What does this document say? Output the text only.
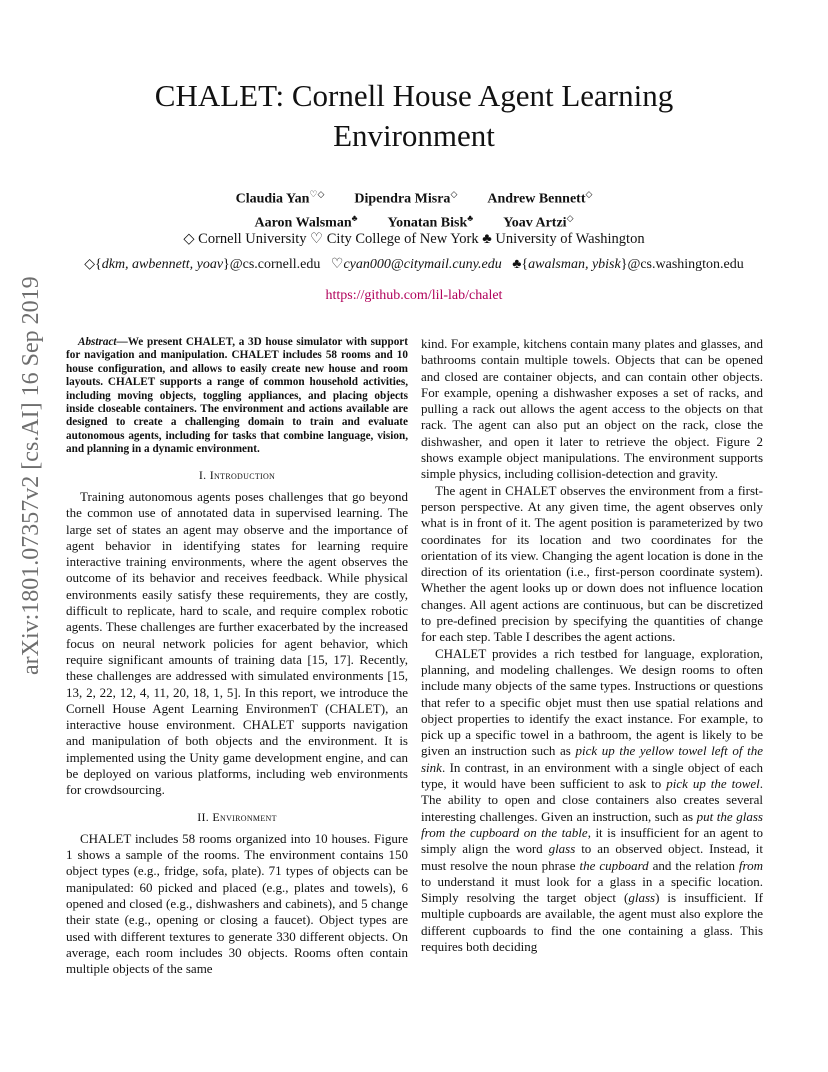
arXiv:1801.07357v2 [cs.AI] 16 Sep 2019
CHALET: Cornell House Agent Learning Environment
Claudia Yan♡◇ Dipendra Misra◇ Andrew Bennett◇
Aaron Walsman♣ Yonatan Bisk♣ Yoav Artzi◇
◇ Cornell University ♡ City College of New York ♣ University of Washington
◇{dkm, awbennett, yoav}@cs.cornell.edu ♡cyan000@citymail.cuny.edu ♣{awalsman, ybisk}@cs.washington.edu
https://github.com/lil-lab/chalet
Abstract—We present CHALET, a 3D house simulator with support for navigation and manipulation. CHALET includes 58 rooms and 10 house configuration, and allows to easily create new house and room layouts. CHALET supports a range of common household activities, including moving objects, toggling appliances, and placing objects inside closeable containers. The environment and actions available are designed to create a challenging domain to train and evaluate autonomous agents, including for tasks that combine language, vision, and planning in a dynamic environment.
I. Introduction

Training autonomous agents poses challenges that go beyond the common use of annotated data in supervised learning. The large set of states an agent may observe and the importance of agent behavior in identifying states for learning require interactive training environments, where the agent observes the outcome of its behavior and receives feedback. While physical environments easily satisfy these requirements, they are costly, difficult to replicate, hard to scale, and require complex robotic agents. These challenges are further exacerbated by the increased focus on neural network policies for agent behavior, which require significant amounts of training data [15, 17]. Recently, these challenges are addressed with simulated environments [15, 13, 2, 22, 12, 4, 11, 20, 18, 1, 5]. In this report, we introduce the Cornell House Agent Learning EnvironmenT (CHALET), an interactive house environment. CHALET supports navigation and manipulation of both objects and the environment. It is implemented using the Unity game development engine, and can be deployed on various platforms, including web environments for crowdsourcing.

II. Environment

CHALET includes 58 rooms organized into 10 houses. Figure 1 shows a sample of the rooms. The environment contains 150 object types (e.g., fridge, sofa, plate). 71 types of objects can be manipulated: 60 picked and placed (e.g., plates and towels), 6 opened and closed (e.g., dishwashers and cabinets), and 5 change their state (e.g., opening or closing a faucet). Object types are used with different textures to generate 330 different objects. On average, each room includes 30 objects. Rooms often contain multiple objects of the same

kind. For example, kitchens contain many plates and glasses, and bathrooms contain multiple towels. Objects that can be opened and closed are container objects, and can contain other objects. For example, opening a dishwasher exposes a set of racks, and pulling a rack out allows the agent access to the objects on that rack. The agent can also put an object on the rack, close the dishwasher, and open it later to retrieve the object. Figure 2 shows example object manipulations. The environment supports simple physics, including collision-detection and gravity.

The agent in CHALET observes the environment from a first-person perspective. At any given time, the agent observes only what is in front of it. The agent position is parameterized by two coordinates for its location and two coordinates for the orientation of its view. Changing the agent location is done in the direction of its orientation (i.e., first-person coordinate system). Whether the agent looks up or down does not influence location changes. All agent actions are continuous, but can be discretized to pre-defined precision by specifying the quantities of change for each step. Table I describes the agent actions.

CHALET provides a rich testbed for language, exploration, planning, and modeling challenges. We design rooms to often include many objects of the same types. Instructions or questions that refer to a specific objet must then use spatial relations and object properties to identify the exact instance. For example, to pick up a specific towel in a bathroom, the agent is likely to be given an instruction such as pick up the yellow towel left of the sink. In contrast, in an environment with a single object of each type, it would have been sufficient to ask to pick up the towel. The ability to open and close containers also creates several interesting challenges. Given an instruction, such as put the glass from the cupboard on the table, it is insufficient for an agent to simply align the word glass to an observed object. Instead, it must resolve the noun phrase the cupboard and the relation from to understand it must look for a glass in a specific location. Simply resolving the target object (glass) is insufficient. If multiple cupboards are available, the agent must also explore the different cupboards to find the one containing a glass. This requires both deciding
